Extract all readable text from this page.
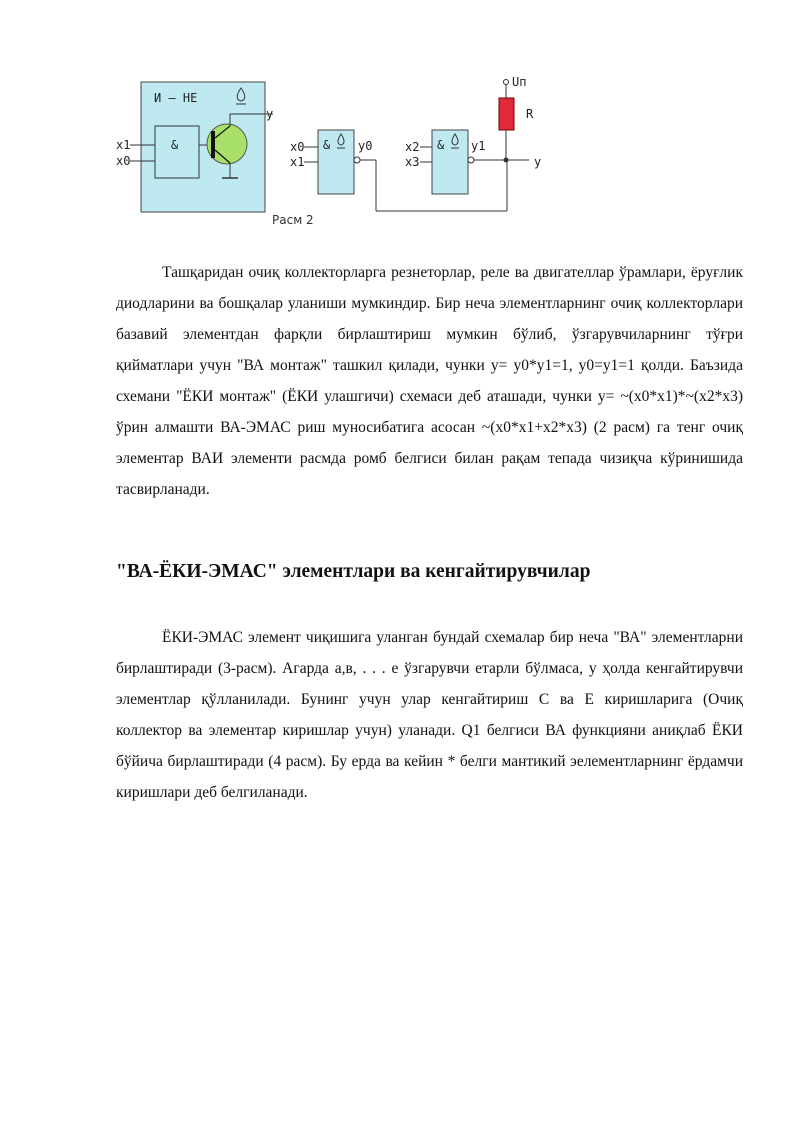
И – НЕ
&
у
х1
х0
х0
х1
& у0	х2
х3
& у1
Uп
R
у
Расм 2

Ташқаридан очиқ коллекторларга резнеторлар, реле ва двигателлар ўрамлари, ёруғлик диодларини ва бошқалар уланиши мумкиндир. Бир неча элементларнинг очиқ коллекторлари базавий элементдан фарқли бирлаштириш мумкин бўлиб, ўзгарувчиларнинг тўғри қийматлари учун "ВА монтаж" ташкил қилади, чунки y= y0*y1=1, y0=y1=1 қолди. Баъзида схемани "ЁКИ монтаж" (ЁКИ улашгичи) схемаси деб аташади, чунки y= ~(x0*x1)*~(x2*x3) ўрин алмашти ВА-ЭМАС риш муносибатига асосан ~(x0*x1+x2*x3) (2 расм) га тенг очиқ элементар ВАИ элементи расмда ромб белгиси билан рақам тепада чизиқча кўринишида тасвирланади.

"ВА-ЁКИ-ЭМАС" элементлари ва кенгайтирувчилар

ЁКИ-ЭМАС элемент чиқишига уланган бундай схемалар бир неча "ВА" элементларни бирлаштиради (3-расм). Агарда а,в, . . . е ўзгарувчи етарли бўлмаса, у ҳолда кенгайтирувчи элементлар қўлланилади. Бунинг учун улар кенгайтириш С ва Е киришларига (Очиқ коллектор ва элементар киришлар учун) уланади. Q1 белгиси ВА функцияни аниқлаб ЁКИ бўйича бирлаштиради (4 расм). Бу ерда ва кейин * белги мантикий эелементларнинг ёрдамчи киришлари деб белгиланади.
